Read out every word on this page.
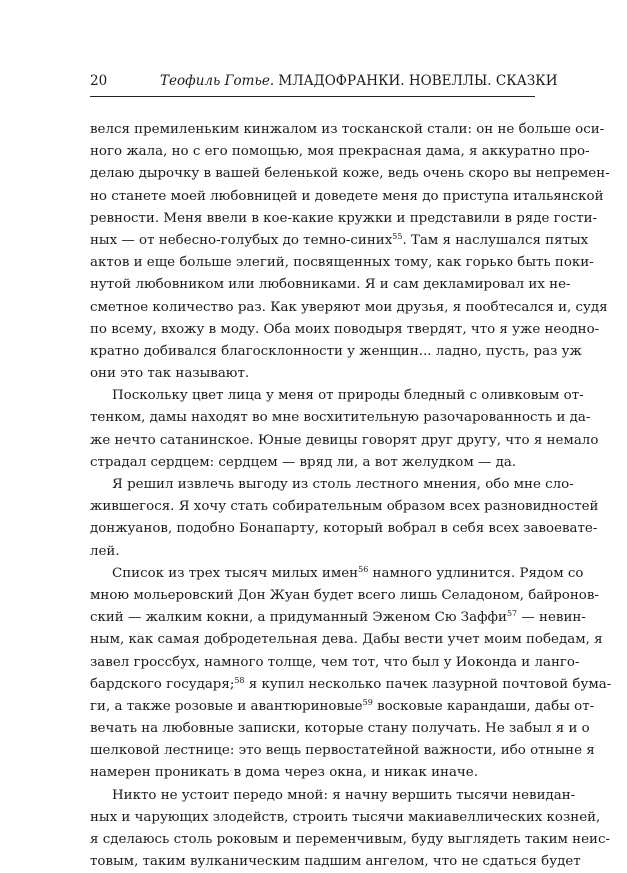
20	Теофиль Готье. МЛАДОФРАНКИ. НОВЕЛЛЫ. СКАЗКИ
велся премиленьким кинжалом из тосканской стали: он не больше оси-
ного жала, но с его помощью, моя прекрасная дама, я аккуратно про-
делаю дырочку в вашей беленькой коже, ведь очень скоро вы непремен-
но станете моей любовницей и доведете меня до приступа итальянской
ревности. Меня ввели в кое-какие кружки и представили в ряде гости-
ных — от небесно-голубых до темно-синих$^{55}$. Там я наслушался пятых
актов и еще больше элегий, посвященных тому, как горько быть поки-
нутой любовником или любовниками. Я и сам декламировал их не-
сметное количество раз. Как уверяют мои друзья, я пообтесался и, судя
по всему, вхожу в моду. Оба моих поводыря твердят, что я уже неодно-
кратно добивался благосклонности у женщин... ладно, пусть, раз уж
они это так называют.
Поскольку цвет лица у меня от природы бледный с оливковым от-
тенком, дамы находят во мне восхитительную разочарованность и да-
же нечто сатанинское. Юные девицы говорят друг другу, что я немало
страдал сердцем: сердцем — вряд ли, а вот желудком — да.
Я решил извлечь выгоду из столь лестного мнения, обо мне сло-
жившегося. Я хочу стать собирательным образом всех разновидностей
донжуанов, подобно Бонапарту, который вобрал в себя всех завоевате-
лей.
Список из трех тысяч милых имен$^{56}$ намного удлинится. Рядом со
мною мольеровский Дон Жуан будет всего лишь Селадоном, байронов-
ский — жалким кокни, а придуманный Эженом Сю Заффи$^{57}$ — невин-
ным, как самая добродетельная дева. Дабы вести учет моим победам, я
завел гроссбух, намного толще, чем тот, что был у Иоконда и ланго-
бардского государя;$^{58}$ я купил несколько пачек лазурной почтовой бума-
ги, а также розовые и авантюриновые$^{59}$ восковые карандаши, дабы от-
вечать на любовные записки, которые стану получать. Не забыл я и о
шелковой лестнице: это вещь первостатейной важности, ибо отныне я
намерен проникать в дома через окна, и никак иначе.
Никто не устоит передо мной: я начну вершить тысячи невидан-
ных и чарующих злодейств, строить тысячи макиавеллических козней,
я сделаюсь столь роковым и переменчивым, буду выглядеть таким неис-
товым, таким вулканическим падшим ангелом, что не сдаться будет
